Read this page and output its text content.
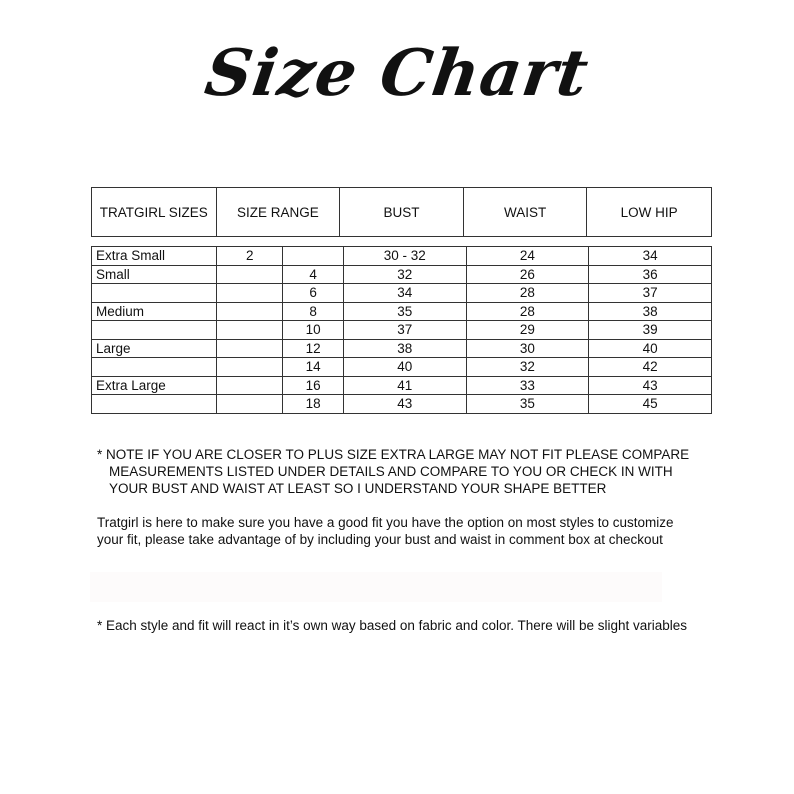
Size Chart
TRATGIRL SIZES	SIZE RANGE	BUST	WAIST	LOW HIP
Extra Small	2		30 - 32	24	34
Small		4	32	26	36
		6	34	28	37
Medium		8	35	28	38
		10	37	29	39
Large		12	38	30	40
		14	40	32	42
Extra Large		16	41	33	43
		18	43	35	45
* NOTE IF YOU ARE CLOSER TO PLUS SIZE EXTRA LARGE MAY NOT FIT PLEASE COMPARE
MEASUREMENTS LISTED UNDER DETAILS AND COMPARE TO YOU OR CHECK IN WITH
YOUR BUST AND WAIST AT LEAST SO I UNDERSTAND YOUR SHAPE BETTER
Tratgirl is here to make sure you have a good fit you have the option on most styles to customize
your fit, please take advantage of by including your bust and waist in comment box at checkout
* Each style and fit will react in it’s own way based on fabric and color. There will be slight variables
